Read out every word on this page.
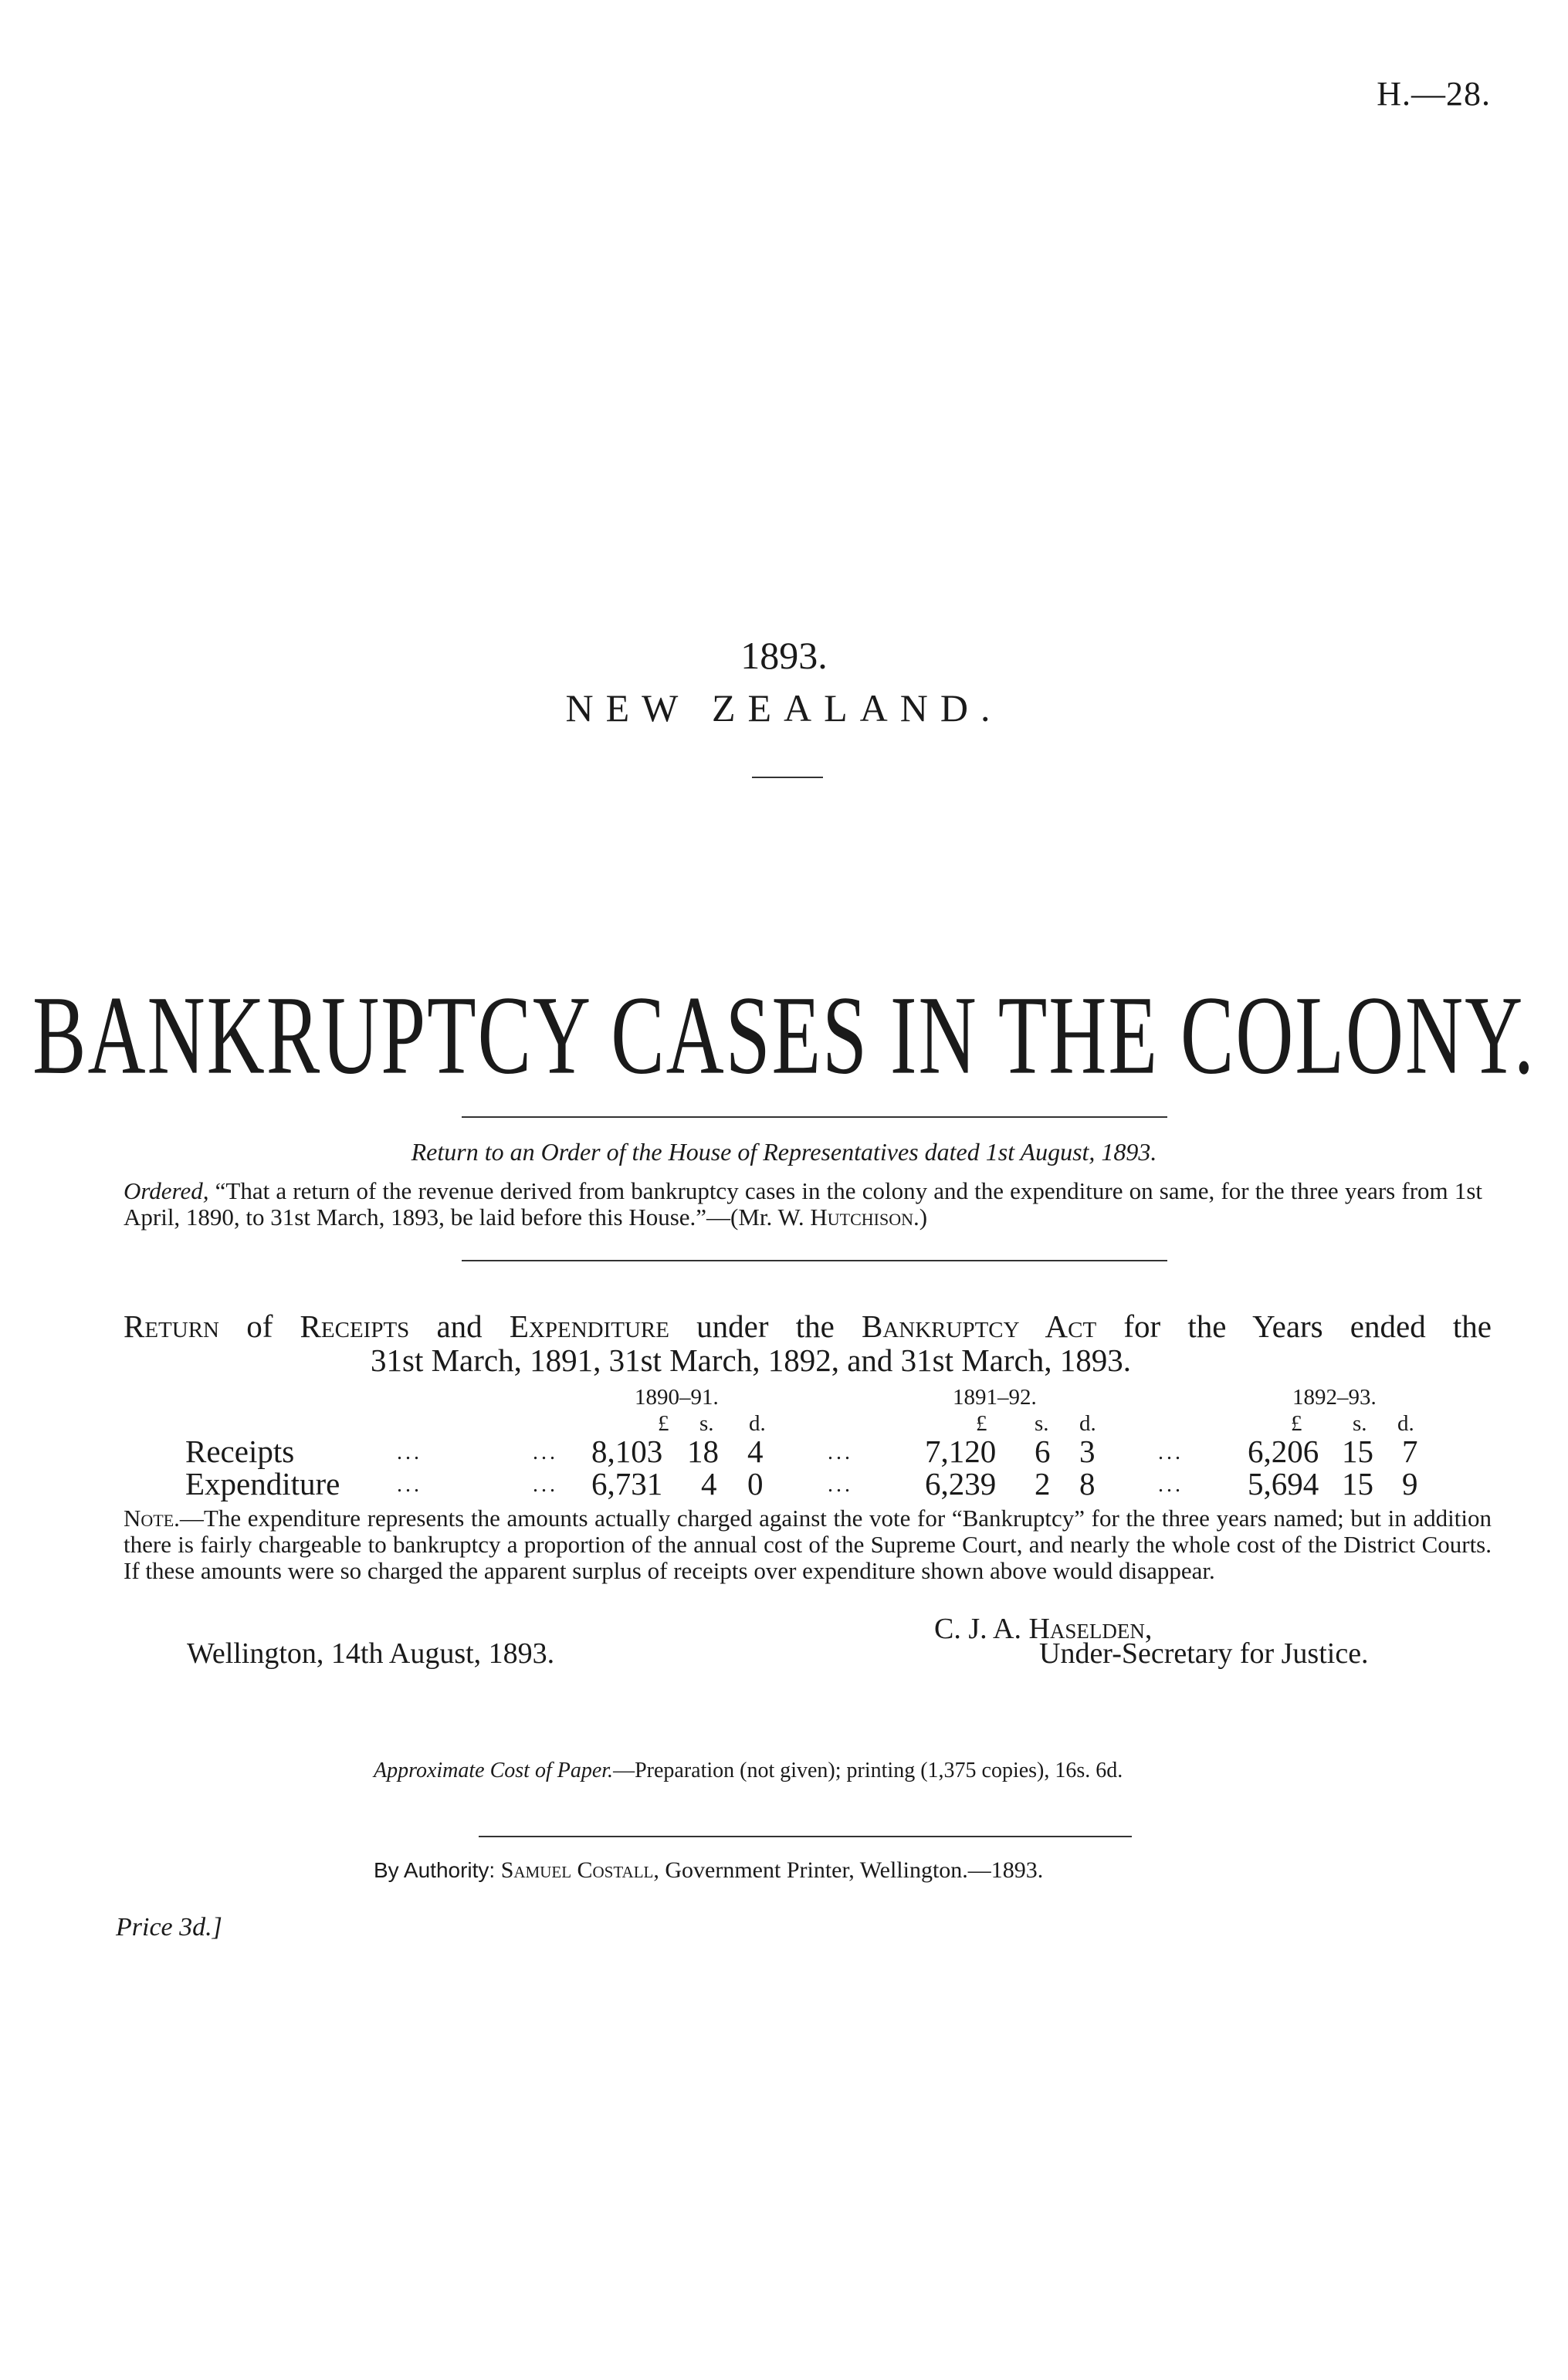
H.—28.
1893.
NEW ZEALAND.
BANKRUPTCY CASES IN THE COLONY.
Return to an Order of the House of Representatives dated 1st August, 1893.
Ordered, “That a return of the revenue derived from bankruptcy cases in the colony and the expenditure on same, for the three years from 1st April, 1890, to 31st March, 1893, be laid before this House.”—(Mr. W. Hutchison.)
Return of Receipts and Expenditure under the Bankruptcy Act for the Years ended the
31st March, 1891, 31st March, 1892, and 31st March, 1893.
1890–91.	1891–92.	1892–93.
£ s. d.	£ s. d.	£ s. d.
Receipts	...	... 8,103 18 4	... 7,120 6 3	... 6,206 15 7
Expenditure	...	... 6,731 4 0	... 6,239 2 8	... 5,694 15 9
Note.—The expenditure represents the amounts actually charged against the vote for “Bankruptcy” for the three years named; but in addition there is fairly chargeable to bankruptcy a proportion of the annual cost of the Supreme Court, and nearly the whole cost of the District Courts. If these amounts were so charged the apparent surplus of receipts over expenditure shown above would disappear.
C. J. A. Haselden,
Wellington, 14th August, 1893.	Under-Secretary for Justice.
Approximate Cost of Paper.—Preparation (not given); printing (1,375 copies), 16s. 6d.
By Authority: Samuel Costall, Government Printer, Wellington.—1893.
Price 3d.]
